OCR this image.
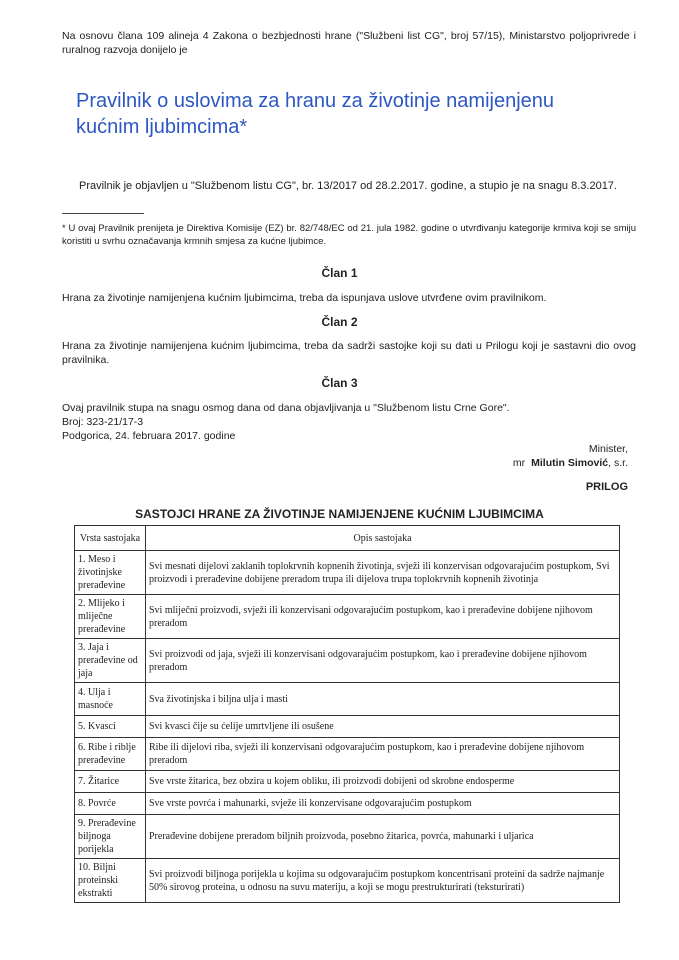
Na osnovu člana 109 alineja 4 Zakona o bezbjednosti hrane ("Službeni list CG", broj 57/15), Ministarstvo poljoprivrede i ruralnog razvoja donijelo je
Pravilnik o uslovima za hranu za životinje namijenjenu kućnim ljubimcima*
Pravilnik je objavljen u "Službenom listu CG", br. 13/2017 od 28.2.2017. godine, a stupio je na snagu 8.3.2017.
* U ovaj Pravilnik prenijeta je Direktiva Komisije (EZ) br. 82/748/EC od 21. jula 1982. godine o utvrđivanju kategorije krmiva koji se smiju koristiti u svrhu označavanja krmnih smjesa za kućne ljubimce.
Član 1
Hrana za životinje namijenjena kućnim ljubimcima, treba da ispunjava uslove utvrđene ovim pravilnikom.
Član 2
Hrana za životinje namijenjena kućnim ljubimcima, treba da sadrži sastojke koji su dati u Prilogu koji je sastavni dio ovog pravilnika.
Član 3
Ovaj pravilnik stupa na snagu osmog dana od dana objavljivanja u "Službenom listu Crne Gore".
Broj: 323-21/17-3
Podgorica, 24. februara 2017. godine
Minister,
mr Milutin Simović, s.r.
PRILOG
SASTOJCI HRANE ZA ŽIVOTINJE NAMIJENJENE KUĆNIM LJUBIMCIMA
Vrsta sastojaka	Opis sastojaka
1. Meso i životinjske prerađevine	Svi mesnati dijelovi zaklanih toplokrvnih kopnenih životinja, svježi ili konzervisan odgovarajućim postupkom, Svi proizvodi i prerađevine dobijene preradom trupa ili dijelova trupa toplokrvnih kopnenih životinja
2. Mlijeko i mliječne prerađevine	Svi mliječni proizvodi, svježi ili konzervisani odgovarajućim postupkom, kao i prerađevine dobijene njihovom preradom
3. Jaja i prerađevine od jaja	Svi proizvodi od jaja, svježi ili konzervisani odgovarajućim postupkom, kao i prerađevine dobijene njihovom preradom
4. Ulja i masnoće	Sva životinjska i biljna ulja i masti
5. Kvasci	Svi kvasci čije su ćelije umrtvljene ili osušene
6. Ribe i riblje prerađevine	Ribe ili dijelovi riba, svježi ili konzervisani odgovarajućim postupkom, kao i prerađevine dobijene njihovom preradom
7. Žitarice	Sve vrste žitarica, bez obzira u kojem obliku, ili proizvodi dobijeni od skrobne endosperme
8. Povrće	Sve vrste povrća i mahunarki, svježe ili konzervisane odgovarajućim postupkom
9. Prerađevine biljnoga porijekla	Prerađevine dobijene preradom biljnih proizvoda, posebno žitarica, povrća, mahunarki i uljarica
10. Biljni proteinski ekstrakti	Svi proizvodi biljnoga porijekla u kojima su odgovarajućim postupkom koncentrisani proteini da sadrže najmanje 50% sirovog proteina, u odnosu na suvu materiju, a koji se mogu prestrukturirati (teksturirati)
